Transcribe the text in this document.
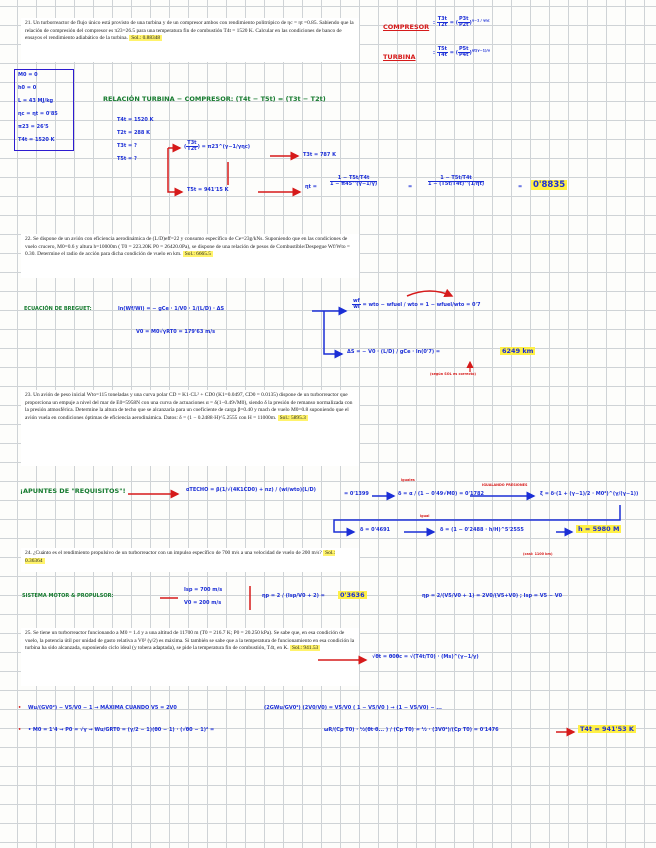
21. Un turborreactor de flujo único está provisto de una turbina y de un compresor ambos con rendimiento politrópico de ηc = ηt =0.85. Sabiendo que la relación de compresión del compresor es π23=26.5 para una temperatura fin de combustión T4t = 1520 K. Calcular en las condiciones de banco de ensayos el rendimiento adiabático de la turbina. Sol.: 0.88348
COMPRESOR : $\frac{T3t}{T2t}$ = ( $\frac{P3t}{P2t} )^{\gamma-1 / \gamma\eta c}$
TURBINA	: $\frac{T5t}{T4t}$ = ( $\frac{P5t}{P4t} )^{\eta t(\gamma-1)/\gamma}$
M0 = 0
h0 = 0
L = 43 MJ/kg
ηc = ηt = 0'85
π23 = 26'5
T4t = 1520 K
RELACIÓN TURBINA − COMPRESOR: (T4t − T5t) = (T3t − T2t)
T4t = 1520 K
T2t = 288 K
T3t = ?
T5t = ?
( $\frac{T3t}{T2t}$ ) = π23^(γ−1/γηc)
T3t = 787 K
T5t = 941'15 K	ηt =	$\frac{1 - T5t/T4t}{1 - \pi 45\^{}(\gamma-1/\gamma)}$	=	$\frac{1 - T5t/T4t}{1 - (T5t/T4t)\^{}(1/\eta t)}$	= 0'8835
22. Se dispone de un avión con eficiencia aerodinámica de (L/D)eff=22 y consumo específico de Ce=23g/kNs. Suponiendo que en las condiciones de vuelo crucero, M0=0.6 y altura h=10000m ( T0 = 223.20K P0 = 26420.0Pa), se dispone de una relación de pesos de Combustible/Despegue Wf/Wto = 0.30. Determine el radio de acción para dicha condición de vuelo en km. Sol.: 6665.5
ECUACIÓN DE BREGUET:	ln(Wf/Wi) = − gCe · 1/V0 · 1/(L/D) · ΔS
V0 = M0√γRT0 = 179'63 m/s
$\frac{wf}{wi}$ = wto − wfuel / wto = 1 − wfuel/wto = 0'7
ΔS = − V0 · (L/D) / gCe · ln(0'7) =	6249 km
(según SOL es correcto)
23. Un avión de peso inicial Wto=115 toneladas y una curva polar CD = K1·CL² + CD0 (K1=0.0497, CD0 = 0.0135) dispone de un turborreactor que proporciona un empuje a nivel del mar de E0=5958N con una curva de actuaciones α = δ(1−0.49√M0), siendo δ la presión de remanso normalizada con la presión atmosférica. Determine la altura de techo que se alcanzaría para un coeficiente de carga β=0.40 y mach de vuelo M0=0.8 suponiendo que el avión vuela en condiciones óptimas de eficiencia aerodinámica. Datos: δ = (1 − 0.2488·H)^5.2555 con H = 11000m. Sol.: 5895.3
¡APUNTES DE "REQUISITOS"!	αTECHO = β(1/√(4K1CD0) + nz) / (wi/wto)(L/D)
= 0'1399	δ = α / (1 − 0'49√M0) = 0'1782
iguales
IGUALANDO PRESIONES
ξ = δ·(1 + (γ−1)/2 · M0²)^(γ/(γ−1))
δ = 0'4691
igual
δ = (1 − 0'2488 · h/H)^5'2555	h = 5980 M
(casi: 1100 km)
24. ¿Cuánto es el rendimiento propulsivo de un turborreactor con un impulso específico de 700 m/s a una velocidad de vuelo de 200 m/s? Sol.: 0.36364
SISTEMA MOTOR & PROPULSOR:
Isp = 700 m/s
V0 = 200 m/s
ηp = 2 / (Isp/V0 + 2) =	0'3636	ηp = 2/(V5/V0 + 1) = 2V0/(V5+V0) ; Isp = V5 − V0
25. Se tiene un turborreactor funcionando a M0 = 1.4 y a una altitud de 11700 m (T0 = 216.7 K; P0 = 20.250 kPa). Se sabe que, en esa condición de vuelo, la potencia útil por unidad de gasto relativa a V0² (γ/2) es máxima. Si también se sabe que a la temperatura de funcionamiento en esa condición la turbina ha sido alcanzada, suponiendo ciclo ideal (y tobera adaptada), se pide la temperatura fin de combustión, T4t, en K. Sol.: 941.53
√θt = θ0θc = √(T4t/T0) · (Ms)^(γ−1/γ)
• Wu/(GV0²) − V5/V0 − 1 → MÁXIMA CUANDO V5 = 2V0	(2GWu/GV0²) (2V0/V0) = V5/V0 ( 1 − V5/V0 ) → (1 − V5/V0) − ...
• • M0 = 1'4 → P0 = √γ → Wu/GRT0 = (γ/2 − 1)(θ0 − 1) · (√θ0 − 1)² =	ωR/(Cp T0) · ½(θt·θ... ) / (Cp T0) = ½ · (3V0²)/(Cp T0) = 0'1476	T4t = 941'53 K
